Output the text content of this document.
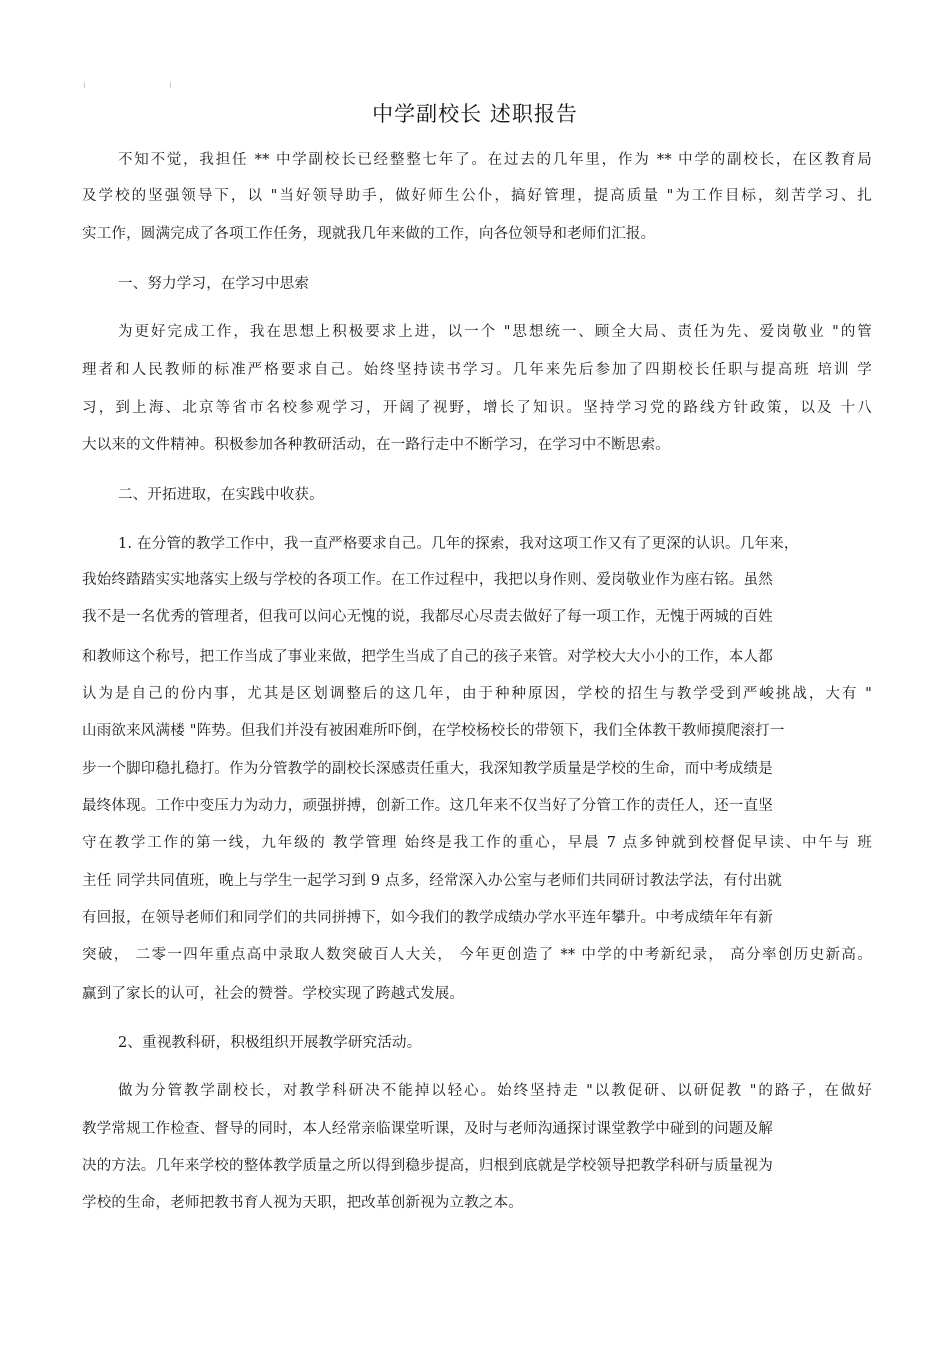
中学副校长 述职报告
不知不觉，我担任 ** 中学副校长已经整整七年了。在过去的几年里，作为 ** 中学的副校长，在区教育局
及学校的坚强领导下，以 "当好领导助手，做好师生公仆，搞好管理，提高质量 "为工作目标，刻苦学习、扎
实工作，圆满完成了各项工作任务，现就我几年来做的工作，向各位领导和老师们汇报。
一、努力学习，在学习中思索
为更好完成工作，我在思想上积极要求上进，以一个 "思想统一、顾全大局、责任为先、爱岗敬业 "的管
理者和人民教师的标准严格要求自己。始终坚持读书学习。几年来先后参加了四期校长任职与提高班 培训 学
习，到上海、北京等省市名校参观学习，开阔了视野，增长了知识。坚持学习党的路线方针政策，以及 十八
大以来的文件精神。积极参加各种教研活动，在一路行走中不断学习，在学习中不断思索。
二、开拓进取，在实践中收获。
1. 在分管的教学工作中，我一直严格要求自己。几年的探索，我对这项工作又有了更深的认识。几年来，
我始终踏踏实实地落实上级与学校的各项工作。在工作过程中，我把以身作则、爱岗敬业作为座右铭。虽然
我不是一名优秀的管理者，但我可以问心无愧的说，我都尽心尽责去做好了每一项工作，无愧于两城的百姓
和教师这个称号，把工作当成了事业来做，把学生当成了自己的孩子来管。对学校大大小小的工作，本人都
认为是自己的份内事，尤其是区划调整后的这几年，由于种种原因，学校的招生与教学受到严峻挑战，大有 "
山雨欲来风满楼 "阵势。但我们并没有被困难所吓倒，在学校杨校长的带领下，我们全体教干教师摸爬滚打一
步一个脚印稳扎稳打。作为分管教学的副校长深感责任重大，我深知教学质量是学校的生命，而中考成绩是
最终体现。工作中变压力为动力，顽强拼搏，创新工作。这几年来不仅当好了分管工作的责任人，还一直坚
守在教学工作的第一线，九年级的 教学管理 始终是我工作的重心，早晨 7 点多钟就到校督促早读、中午与 班
主任 同学共同值班，晚上与学生一起学习到 9 点多，经常深入办公室与老师们共同研讨教法学法，有付出就
有回报，在领导老师们和同学们的共同拼搏下，如今我们的教学成绩办学水平连年攀升。中考成绩年年有新
突破， 二零一四年重点高中录取人数突破百人大关， 今年更创造了 ** 中学的中考新纪录， 高分率创历史新高。
赢到了家长的认可，社会的赞誉。学校实现了跨越式发展。
2、重视教科研，积极组织开展教学研究活动。
做为分管教学副校长，对教学科研决不能掉以轻心。始终坚持走 "以教促研、以研促教 "的路子，在做好
教学常规工作检查、督导的同时，本人经常亲临课堂听课，及时与老师沟通探讨课堂教学中碰到的问题及解
决的方法。几年来学校的整体教学质量之所以得到稳步提高，归根到底就是学校领导把教学科研与质量视为
学校的生命，老师把教书育人视为天职，把改革创新视为立教之本。
